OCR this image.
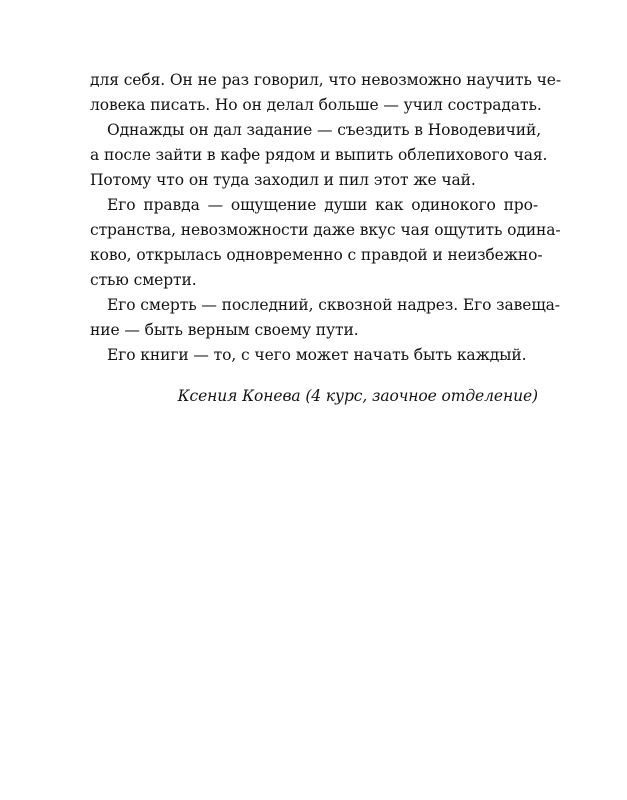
для себя. Он не раз говорил, что невозможно научить че-
ловека писать. Но он делал больше — учил сострадать.
Однажды он дал задание — съездить в Новодевичий,
а после зайти в кафе рядом и выпить облепихового чая.
Потому что он туда заходил и пил этот же чай.
Его правда — ощущение души как одинокого про-
странства, невозможности даже вкус чая ощутить одина-
ково, открылась одновременно с правдой и неизбежно-
стью смерти.
Его смерть — последний, сквозной надрез. Его завеща-
ние — быть верным своему пути.
Его книги — то, с чего может начать быть каждый.
Ксения Конева (4 курс, заочное отделение)
